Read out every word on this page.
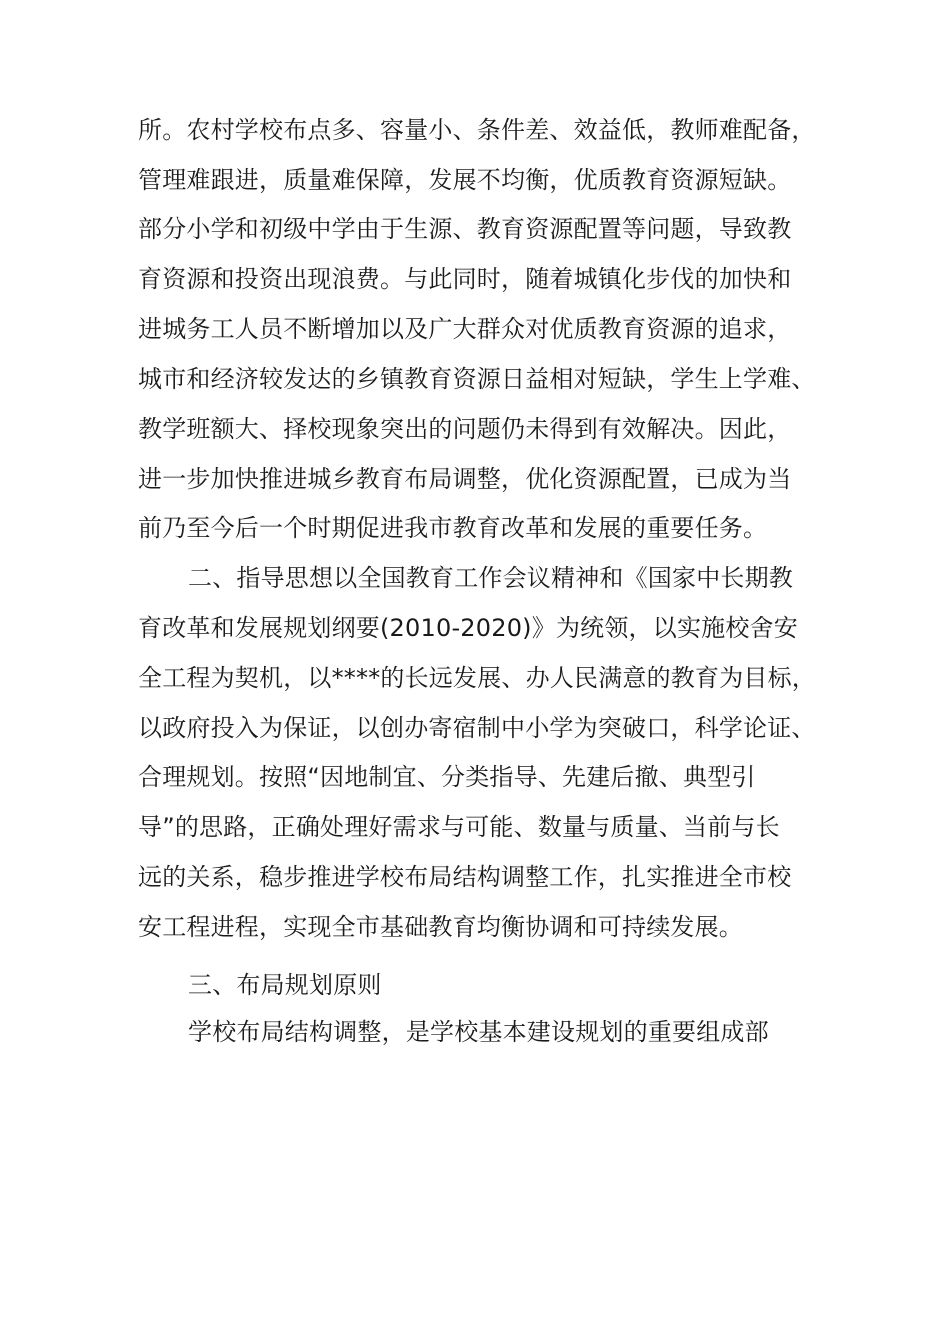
所。农村学校布点多、容量小、条件差、效益低，教师难配备，

管理难跟进，质量难保障，发展不均衡，优质教育资源短缺。

部分小学和初级中学由于生源、教育资源配置等问题，导致教

育资源和投资出现浪费。与此同时，随着城镇化步伐的加快和

进城务工人员不断增加以及广大群众对优质教育资源的追求，

城市和经济较发达的乡镇教育资源日益相对短缺，学生上学难、

教学班额大、择校现象突出的问题仍未得到有效解决。因此，

进一步加快推进城乡教育布局调整，优化资源配置，已成为当

前乃至今后一个时期促进我市教育改革和发展的重要任务。

二、指导思想以全国教育工作会议精神和《国家中长期教

育改革和发展规划纲要(2010-2020)》为统领，以实施校舍安

全工程为契机，以****的长远发展、办人民满意的教育为目标，

以政府投入为保证，以创办寄宿制中小学为突破口，科学论证、

合理规划。按照“因地制宜、分类指导、先建后撤、典型引

导”的思路，正确处理好需求与可能、数量与质量、当前与长

远的关系，稳步推进学校布局结构调整工作，扎实推进全市校

安工程进程，实现全市基础教育均衡协调和可持续发展。

三、布局规划原则

学校布局结构调整，是学校基本建设规划的重要组成部
